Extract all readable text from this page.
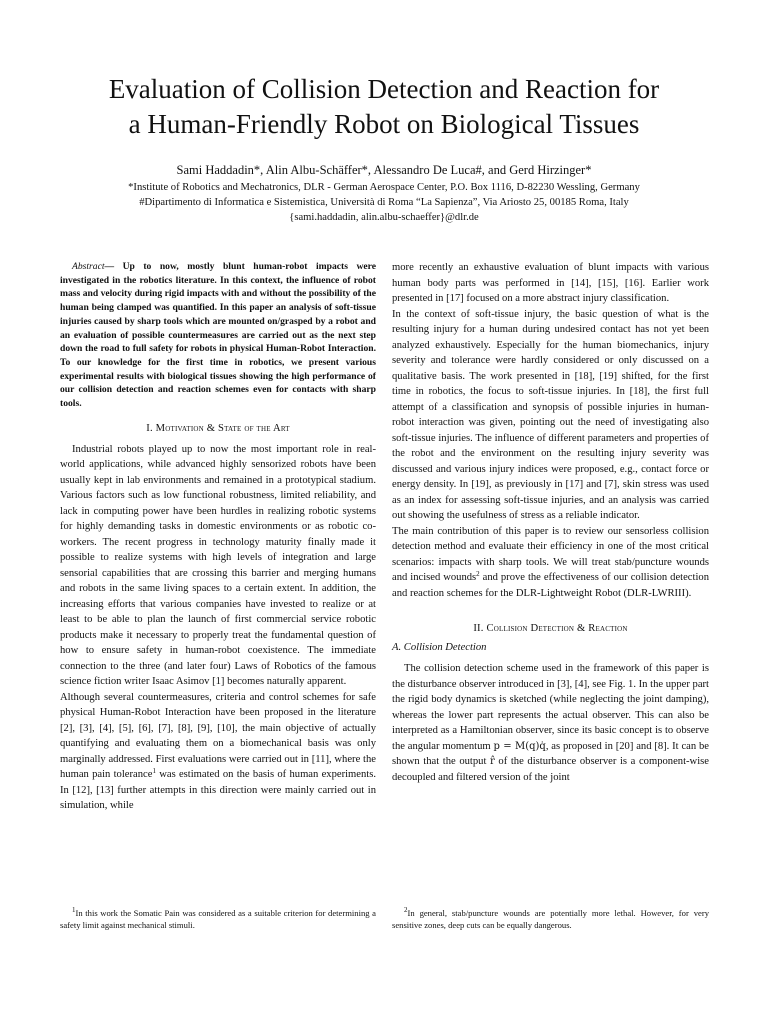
Evaluation of Collision Detection and Reaction for
a Human-Friendly Robot on Biological Tissues
Sami Haddadin*, Alin Albu-Schäffer*, Alessandro De Luca#, and Gerd Hirzinger*
*Institute of Robotics and Mechatronics, DLR - German Aerospace Center, P.O. Box 1116, D-82230 Wessling, Germany
#Dipartimento di Informatica e Sistemistica, Università di Roma “La Sapienza”, Via Ariosto 25, 00185 Roma, Italy
{sami.haddadin, alin.albu-schaeffer}@dlr.de

Abstract— Up to now, mostly blunt human-robot impacts were investigated in the robotics literature. In this context, the influence of robot mass and velocity during rigid impacts with and without the possibility of the human being clamped was quantified. In this paper an analysis of soft-tissue injuries caused by sharp tools which are mounted on/grasped by a robot and an evaluation of possible countermeasures are carried out as the next step down the road to full safety for robots in physical Human-Robot Interaction. To our knowledge for the first time in robotics, we present various experimental results with biological tissues showing the high performance of our collision detection and reaction schemes even for contacts with sharp tools.

I. Motivation & State of the Art

Industrial robots played up to now the most important role in real-world applications, while advanced highly sensorized robots have been usually kept in lab environments and remained in a prototypical stadium. Various factors such as low functional robustness, limited reliability, and lack in computing power have been hurdles in realizing robotic systems for highly demanding tasks in domestic environments or as robotic co-workers. The recent progress in technology maturity finally made it possible to realize systems with high levels of integration and large sensorial capabilities that are crossing this barrier and merging humans and robots in the same living spaces to a certain extent. In addition, the increasing efforts that various companies have invested to realize or at least to be able to plan the launch of first commercial service robotic products make it necessary to properly treat the fundamental question of how to ensure safety in human-robot coexistence. The immediate connection to the three (and later four) Laws of Robotics of the famous science fiction writer Isaac Asimov [1] becomes naturally apparent.

Although several countermeasures, criteria and control schemes for safe physical Human-Robot Interaction have been proposed in the literature [2], [3], [4], [5], [6], [7], [8], [9], [10], the main objective of actually quantifying and evaluating them on a biomechanical basis was only marginally addressed. First evaluations were carried out in [11], where the human pain tolerance$^1$ was estimated on the basis of human experiments. In [12], [13] further attempts in this direction were mainly carried out in simulation, while

more recently an exhaustive evaluation of blunt impacts with various human body parts was performed in [14], [15], [16]. Earlier work presented in [17] focused on a more abstract injury classification.

In the context of soft-tissue injury, the basic question of what is the resulting injury for a human during undesired contact has not yet been analyzed exhaustively. Especially for the human biomechanics, injury severity and tolerance were hardly considered or only discussed on a qualitative basis. The work presented in [18], [19] shifted, for the first time in robotics, the focus to soft-tissue injuries. In [18], the first full attempt of a classification and synopsis of possible injuries in human-robot interaction was given, pointing out the need of investigating also soft-tissue injuries. The influence of different parameters and properties of the robot and the environment on the resulting injury severity was discussed and various injury indices were proposed, e.g., contact force or energy density. In [19], as previously in [17] and [7], skin stress was used as an index for assessing soft-tissue injuries, and an analysis was carried out showing the usefulness of stress as a reliable indicator.

The main contribution of this paper is to review our sensorless collision detection method and evaluate their efficiency in one of the most critical scenarios: impacts with sharp tools. We will treat stab/puncture wounds and incised wounds$^2$ and prove the effectiveness of our collision detection and reaction schemes for the DLR-Lightweight Robot (DLR-LWRIII).

II. Collision Detection & Reaction
A. Collision Detection

The collision detection scheme used in the framework of this paper is the disturbance observer introduced in [3], [4], see Fig. 1. In the upper part the rigid body dynamics is sketched (while neglecting the joint damping), whereas the lower part represents the actual observer. This can also be interpreted as a Hamiltonian observer, since its basic concept is to observe the angular momentum p = M(q)q̇, as proposed in [20] and [8]. It can be shown that the output r̂ of the disturbance observer is a component-wise decoupled and filtered version of the joint

$^1$In this work the Somatic Pain was considered as a suitable criterion for determining a safety limit against mechanical stimuli.

$^2$In general, stab/puncture wounds are potentially more lethal. However, for very sensitive zones, deep cuts can be equally dangerous.
